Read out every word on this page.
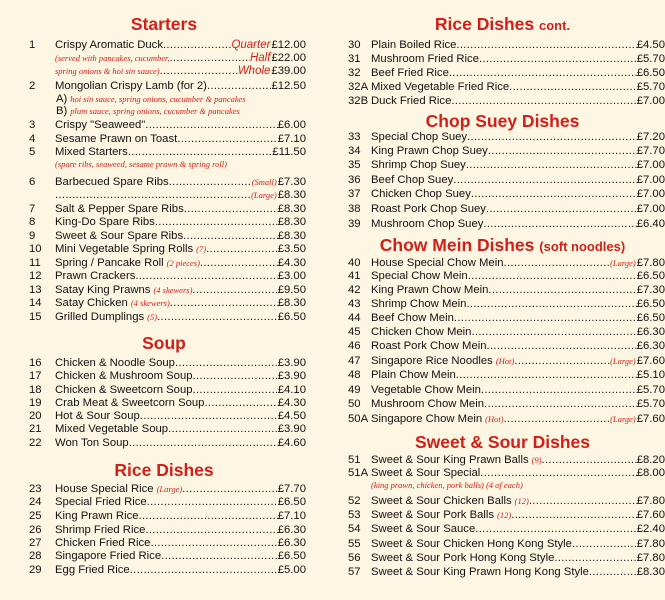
Starters
1	Crispy Aromatic Duck .....	Quarter £12.00
(served with pancakes, cucumber, .....	Half £22.00
spring onions & hoi sin sauce) .....	Whole £39.00
2	Mongolian Crispy Lamb (for 2) .....	£12.50
A) hoi sin sauce, spring onions, cucumber & pancakes
B) plum sauce, spring onions, cucumber & pancakes
3	Crispy "Seaweed" .....	£6.00
4	Sesame Prawn on Toast .....	£7.10
5	Mixed Starters .....	£11.50
(spare ribs, seaweed, sesame prawn & spring roll)
6	Barbecued Spare Ribs .....	(Small) £7.30
.....
(Large) £8.30
7	Salt & Pepper Spare Ribs .....	£8.30
8	King-Do Spare Ribs .....	£8.30
9	Sweet & Sour Spare Ribs .....	£8.30
10	Mini Vegetable Spring Rolls (7) .....	£3.50
11	Spring / Pancake Roll (2 pieces) .....	£4.30
12	Prawn Crackers .....	£3.00
13	Satay King Prawns (4 skewers) .....	£9.50
14	Satay Chicken (4 skewers) .....	£8.30
15	Grilled Dumplings (5) .....	£6.50
Soup
16	Chicken & Noodle Soup .....	£3.90
17	Chicken & Mushroom Soup .....	£3.90
18	Chicken & Sweetcorn Soup .....	£4.10
19	Crab Meat & Sweetcorn Soup .....	£4.30
20	Hot & Sour Soup .....	£4.50
21	Mixed Vegetable Soup .....	£3.90
22	Won Ton Soup .....	£4.60
Rice Dishes
23	House Special Rice (Large) .....	£7.70
24	Special Fried Rice .....	£6.50
25	King Prawn Rice .....	£7.10
26	Shrimp Fried Rice .....	£6.30
27	Chicken Fried Rice .....	£6.30
28	Singapore Fried Rice .....	£6.50
29	Egg Fried Rice .....	£5.00
Rice Dishes cont.
30 Plain Boiled Rice .....	£4.50
31 Mushroom Fried Rice .....	£5.70
32 Beef Fried Rice .....	£6.50
32A Mixed Vegetable Fried Rice .....	£5.70
32B Duck Fried Rice .....	£7.00
Chop Suey Dishes
33 Special Chop Suey .....	£7.20
34 King Prawn Chop Suey .....	£7.70
35 Shrimp Chop Suey .....	£7.00
36 Beef Chop Suey .....	£7.00
37 Chicken Chop Suey .....	£7.00
38 Roast Pork Chop Suey .....	£7.00
39 Mushroom Chop Suey .....	£6.40
Chow Mein Dishes (soft noodles)
40 House Special Chow Mein .....	(Large) £7.80
41 Special Chow Mein .....	£6.50
42 King Prawn Chow Mein .....	£7.30
43 Shrimp Chow Mein .....	£6.50
44 Beef Chow Mein .....	£6.50
45 Chicken Chow Mein .....	£6.30
46 Roast Pork Chow Mein .....	£6.30
47 Singapore Rice Noodles (Hot) .....	(Large) £7.60
48 Plain Chow Mein .....	£5.10
49 Vegetable Chow Mein .....	£5.70
50 Mushroom Chow Mein .....	£5.70
50A Singapore Chow Mein (Hot) .....	(Large) £7.60
Sweet & Sour Dishes
51 Sweet & Sour King Prawn Balls (9) .....	£8.20
51A Sweet & Sour Special .....	£8.00
(king prawn, chicken, pork balls) (4 of each)
52 Sweet & Sour Chicken Balls (12) .....	£7.80
53 Sweet & Sour Pork Balls (12) .....	£7.60
54 Sweet & Sour Sauce .....	£2.40
55 Sweet & Sour Chicken Hong Kong Style .....	£7.80
56 Sweet & Sour Pork Hong Kong Style .....	£7.80
57 Sweet & Sour King Prawn Hong Kong Style .....	£8.30
